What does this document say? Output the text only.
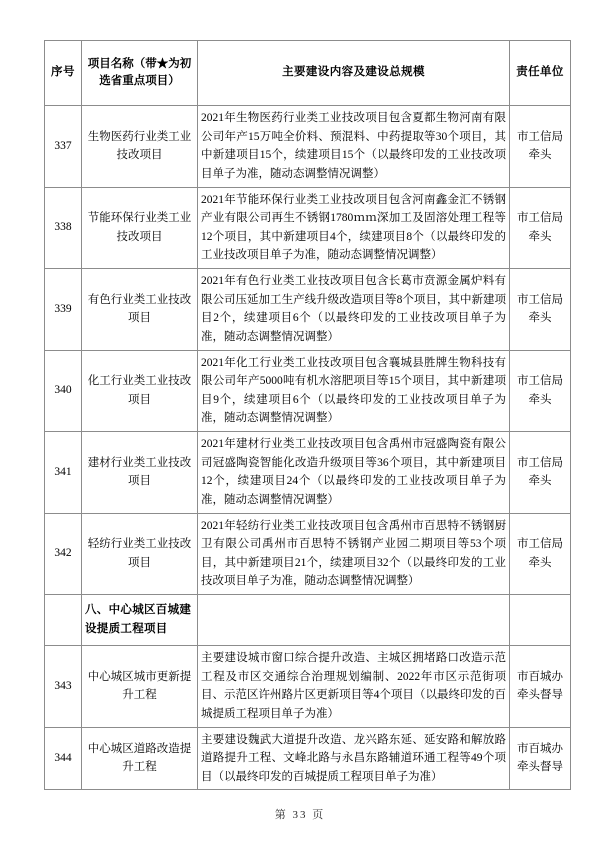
序号	项目名称（带★为初选省重点项目）	主要建设内容及建设总规模	责任单位
337	生物医药行业类工业技改项目	2021年生物医药行业类工业技改项目包含夏都生物河南有限公司年产15万吨全价料、预混料、中药提取等30个项目，其中新建项目15个，续建项目15个（以最终印发的工业技改项目单子为准，随动态调整情况调整）	市工信局牵头
338	节能环保行业类工业技改项目	2021年节能环保行业类工业技改项目包含河南鑫金汇不锈钢产业有限公司再生不锈钢1780ｍｍ深加工及固溶处理工程等12个项目，其中新建项目4个，续建项目8个（以最终印发的工业技改项目单子为准，随动态调整情况调整）	市工信局牵头
339	有色行业类工业技改项目	2021年有色行业类工业技改项目包含长葛市贲源金属炉料有限公司压延加工生产线升级改造项目等8个项目，其中新建项目2个，续建项目6个（以最终印发的工业技改项目单子为准，随动态调整情况调整）	市工信局牵头
340	化工行业类工业技改项目	2021年化工行业类工业技改项目包含襄城县胜牌生物科技有限公司年产5000吨有机水溶肥项目等15个项目，其中新建项目9个，续建项目6个（以最终印发的工业技改项目单子为准，随动态调整情况调整）	市工信局牵头
341	建材行业类工业技改项目	2021年建材行业类工业技改项目包含禹州市冠盛陶瓷有限公司冠盛陶瓷智能化改造升级项目等36个项目，其中新建项目12个，续建项目24个（以最终印发的工业技改项目单子为准，随动态调整情况调整）	市工信局牵头
342	轻纺行业类工业技改项目	2021年轻纺行业类工业技改项目包含禹州市百思特不锈钢厨卫有限公司禹州市百思特不锈钢产业园二期项目等53个项目，其中新建项目21个，续建项目32个（以最终印发的工业技改项目单子为准，随动态调整情况调整）	市工信局牵头
	八、中心城区百城建设提质工程项目		
343	中心城区城市更新提升工程	主要建设城市窗口综合提升改造、主城区拥堵路口改造示范工程及市区交通综合治理规划编制、2022年市区示范街项目、示范区许州路片区更新项目等4个项目（以最终印发的百城提质工程项目单子为准）	市百城办牵头督导
344	中心城区道路改造提升工程	主要建设魏武大道提升改造、龙兴路东延、延安路和解放路道路提升工程、文峰北路与永昌东路辅道环通工程等49个项目（以最终印发的百城提质工程项目单子为准）	市百城办牵头督导
第 33 页
